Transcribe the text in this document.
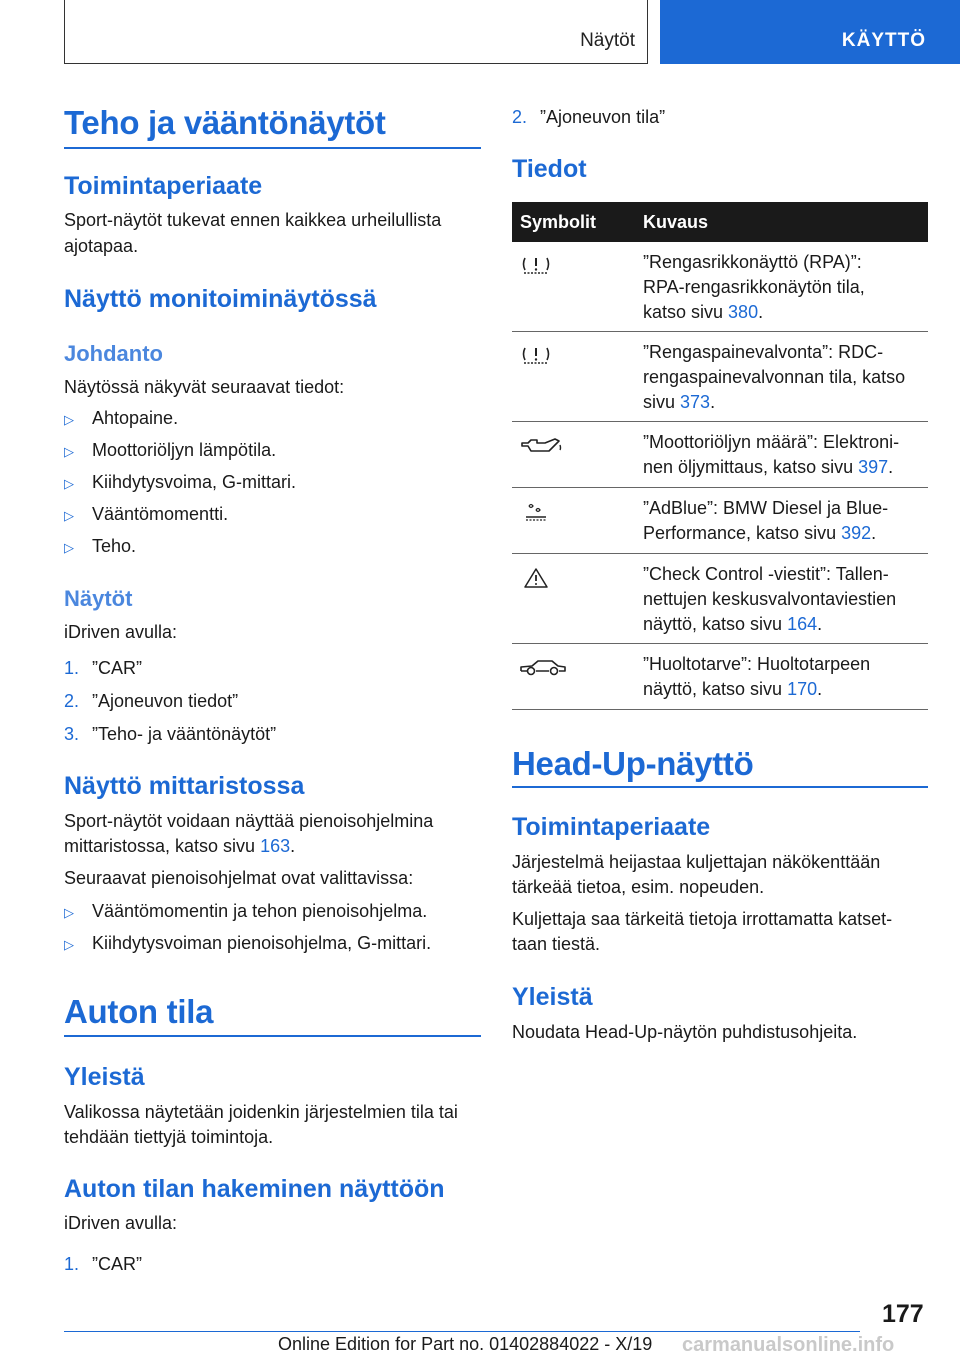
Näytöt	KÄYTTÖ
Teho ja vääntönäytöt
Toimintaperiaate
Sport-näytöt tukevat ennen kaikkea urheilullista
ajotapaa.
Näyttö monitoiminäytössä
Johdanto
Näytössä näkyvät seuraavat tiedot:
▷ Ahtopaine.
▷ Moottoriöljyn lämpötila.
▷ Kiihdytysvoima, G-mittari.
▷ Vääntömomentti.
▷ Teho.
Näytöt
iDriven avulla:
1. ”CAR”
2. ”Ajoneuvon tiedot”
3. ”Teho- ja vääntönäytöt”
Näyttö mittaristossa
Sport-näytöt voidaan näyttää pienoisohjelmina
mittaristossa, katso sivu 163.
Seuraavat pienoisohjelmat ovat valittavissa:
▷ Vääntömomentin ja tehon pienoisohjelma.
▷ Kiihdytysvoiman pienoisohjelma, G-mittari.
Auton tila
Yleistä
Valikossa näytetään joidenkin järjestelmien tila tai
tehdään tiettyjä toimintoja.
Auton tilan hakeminen näyttöön
iDriven avulla:
1. ”CAR”
2. ”Ajoneuvon tila”
Tiedot
Symbolit	Kuvaus
”Rengasrikkonäyttö (RPA)”:
RPA-rengasrikkonäytön tila,
katso sivu 380.
”Rengaspainevalvonta”: RDC-
rengaspainevalvonnan tila, katso
sivu 373.
”Moottoriöljyn määrä”: Elektroni-
nen öljymittaus, katso sivu 397.
”AdBlue”: BMW Diesel ja Blue-
Performance, katso sivu 392.
”Check Control -viestit”: Tallen-
nettujen keskusvalvontaviestien
näyttö, katso sivu 164.
”Huoltotarve”: Huoltotarpeen
näyttö, katso sivu 170.
Head-Up-näyttö
Toimintaperiaate
Järjestelmä heijastaa kuljettajan näkökenttään
tärkeää tietoa, esim. nopeuden.
Kuljettaja saa tärkeitä tietoja irrottamatta katset-
taan tiestä.
Yleistä
Noudata Head-Up-näytön puhdistusohjeita.
177
Online Edition for Part no. 01402884022 - X/19 carmanualsonline.info
